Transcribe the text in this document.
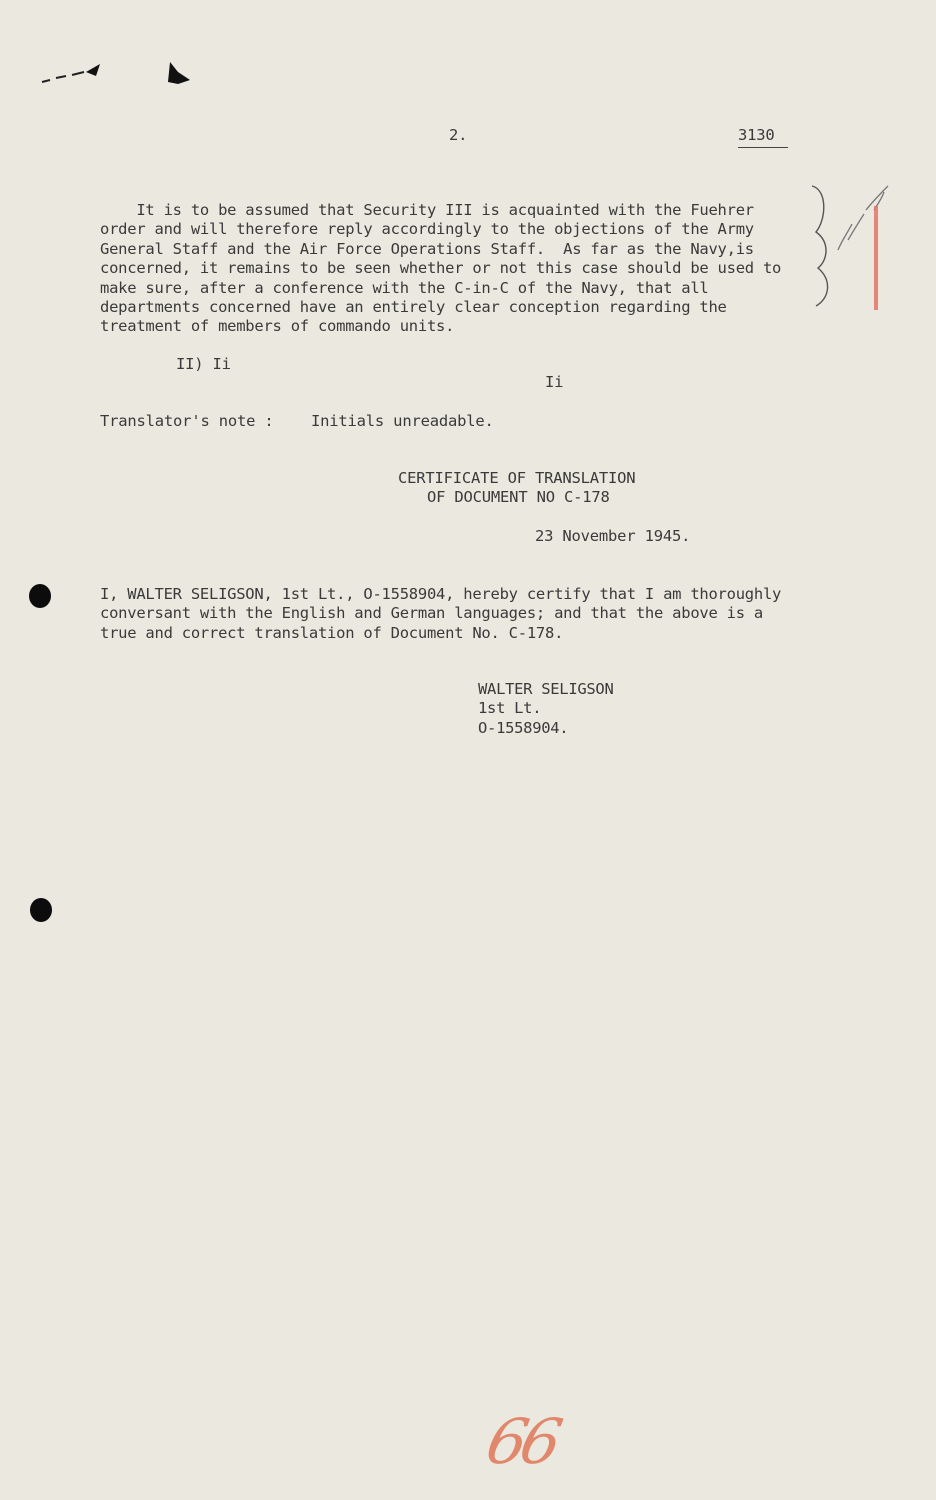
2.	3130
It is to be assumed that Security III is acquainted with the Fuehrer
order and will therefore reply accordingly to the objections of the Army
General Staff and the Air Force Operations Staff.  As far as the Navy,is
concerned, it remains to be seen whether or not this case should be used to
make sure, after a conference with the C-in-C of the Navy, that all
departments concerned have an entirely clear conception regarding the
treatment of members of commando units.
II) Ii
Ii
Translator's note : Initials unreadable.
CERTIFICATE OF TRANSLATION
OF DOCUMENT NO C-178
23 November 1945.
I, WALTER SELIGSON, 1st Lt., O-1558904, hereby certify that I am thoroughly
conversant with the English and German languages; and that the above is a
true and correct translation of Document No. C-178.
WALTER SELIGSON
1st Lt.
O-1558904.
66
